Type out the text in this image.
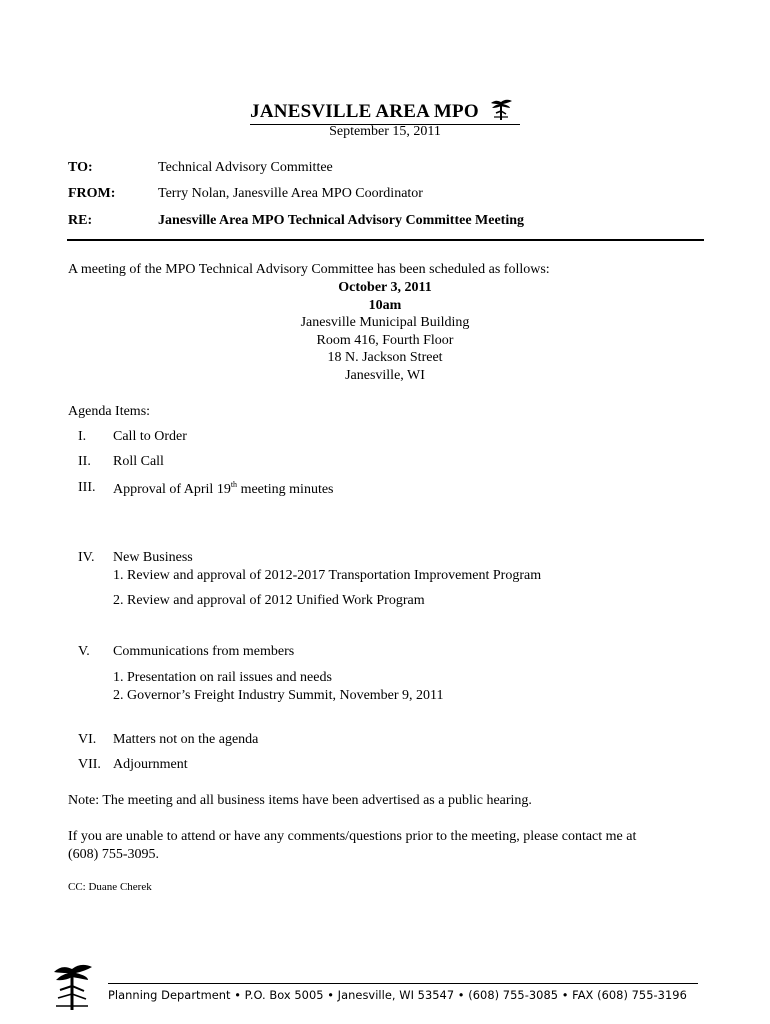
JANESVILLE AREA MPO
September 15, 2011
TO:	Technical Advisory Committee
FROM:	Terry Nolan, Janesville Area MPO Coordinator
RE:	Janesville Area MPO Technical Advisory Committee Meeting
A meeting of the MPO Technical Advisory Committee has been scheduled as follows:
October 3, 2011
10am
Janesville Municipal Building
Room 416, Fourth Floor
18 N. Jackson Street
Janesville, WI
Agenda Items:
I. Call to Order
II. Roll Call
III. Approval of April 19th meeting minutes
IV. New Business
1. Review and approval of 2012-2017 Transportation Improvement Program
2. Review and approval of 2012 Unified Work Program
V. Communications from members
1. Presentation on rail issues and needs
2. Governor’s Freight Industry Summit, November 9, 2011
VI. Matters not on the agenda
VII. Adjournment
Note: The meeting and all business items have been advertised as a public hearing.
If you are unable to attend or have any comments/questions prior to the meeting, please contact me at
(608) 755-3095.
CC: Duane Cherek
Planning Department • P.O. Box 5005 • Janesville, WI 53547 • (608) 755-3085 • FAX (608) 755-3196
